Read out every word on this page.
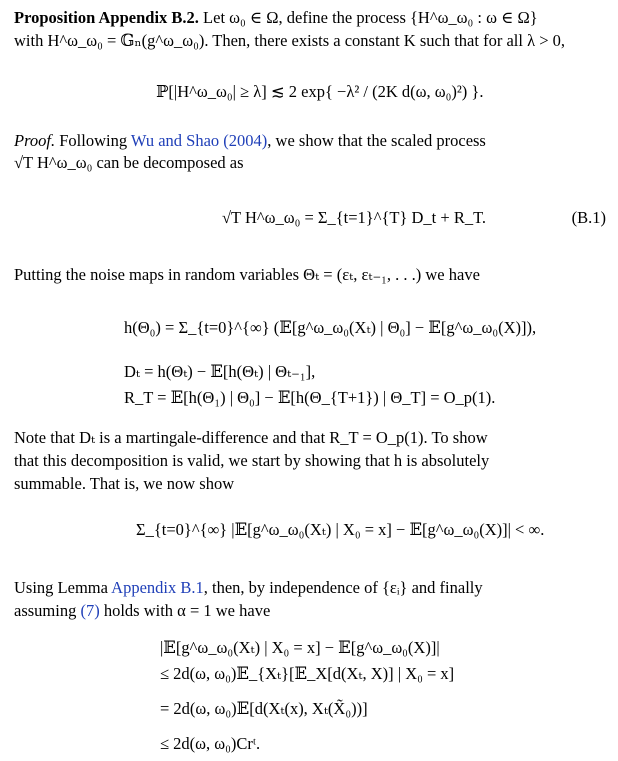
Proposition Appendix B.2. Let ω₀ ∈ Ω, define the process {H^ω_ω₀ : ω ∈ Ω}
with H^ω_ω₀ = 𝔾ₙ(g^ω_ω₀). Then, there exists a constant K such that for all λ > 0,
ℙ[|H^ω_ω₀| ≥ λ] ≲ 2 exp{ −λ² / (2K d(ω, ω₀)²) }.
Proof. Following Wu and Shao (2004), we show that the scaled process
√T H^ω_ω₀ can be decomposed as
√T H^ω_ω₀ = Σ_{t=1}^{T} D_t + R_T.	(B.1)
Putting the noise maps in random variables Θₜ = (εₜ, εₜ₋₁, . . .) we have
h(Θ₀) = Σ_{t=0}^{∞} (𝔼[g^ω_ω₀(Xₜ) | Θ₀] − 𝔼[g^ω_ω₀(X)]),
Dₜ = h(Θₜ) − 𝔼[h(Θₜ) | Θₜ₋₁],
R_T = 𝔼[h(Θ₁) | Θ₀] − 𝔼[h(Θ_{T+1}) | Θ_T] = O_p(1).
Note that Dₜ is a martingale-difference and that R_T = O_p(1). To show
that this decomposition is valid, we start by showing that h is absolutely
summable. That is, we now show
Σ_{t=0}^{∞} |𝔼[g^ω_ω₀(Xₜ) | X₀ = x] − 𝔼[g^ω_ω₀(X)]| < ∞.
Using Lemma Appendix B.1, then, by independence of {εᵢ} and finally
assuming (7) holds with α = 1 we have
|𝔼[g^ω_ω₀(Xₜ) | X₀ = x] − 𝔼[g^ω_ω₀(X)]|
≤ 2d(ω, ω₀)𝔼_{Xₜ}[𝔼_X[d(Xₜ, X)] | X₀ = x]
= 2d(ω, ω₀)𝔼[d(Xₜ(x), Xₜ(X̃₀))]
≤ 2d(ω, ω₀)Crᵗ.
